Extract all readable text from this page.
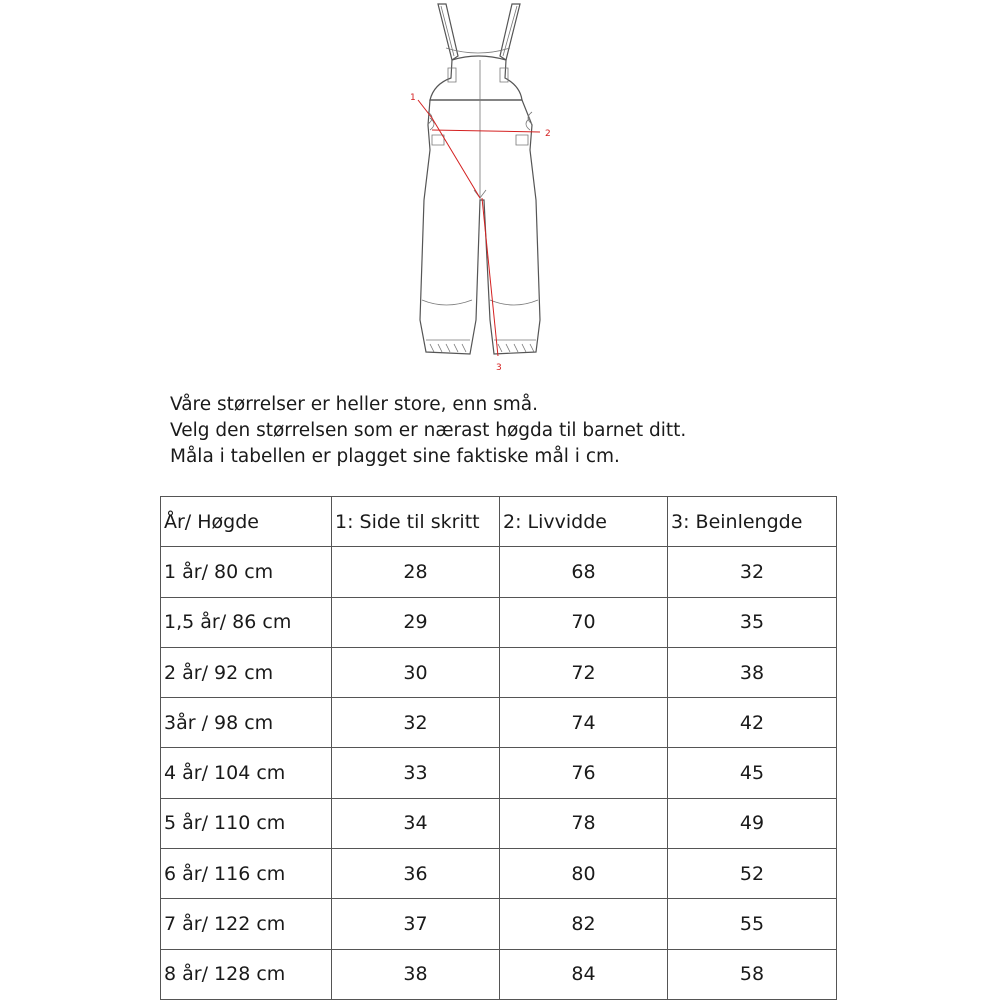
1
2
3
Våre størrelser er heller store, enn små.
Velg den størrelsen som er nærast høgda til barnet ditt.
Måla i tabellen er plagget sine faktiske mål i cm.
År/ Høgde	1: Side til skritt	2: Livvidde	3: Beinlengde
1 år/ 80 cm	28	68	32
1,5 år/ 86 cm	29	70	35
2 år/ 92 cm	30	72	38
3år / 98 cm	32	74	42
4 år/ 104 cm	33	76	45
5 år/ 110 cm	34	78	49
6 år/ 116 cm	36	80	52
7 år/ 122 cm	37	82	55
8 år/ 128 cm	38	84	58
